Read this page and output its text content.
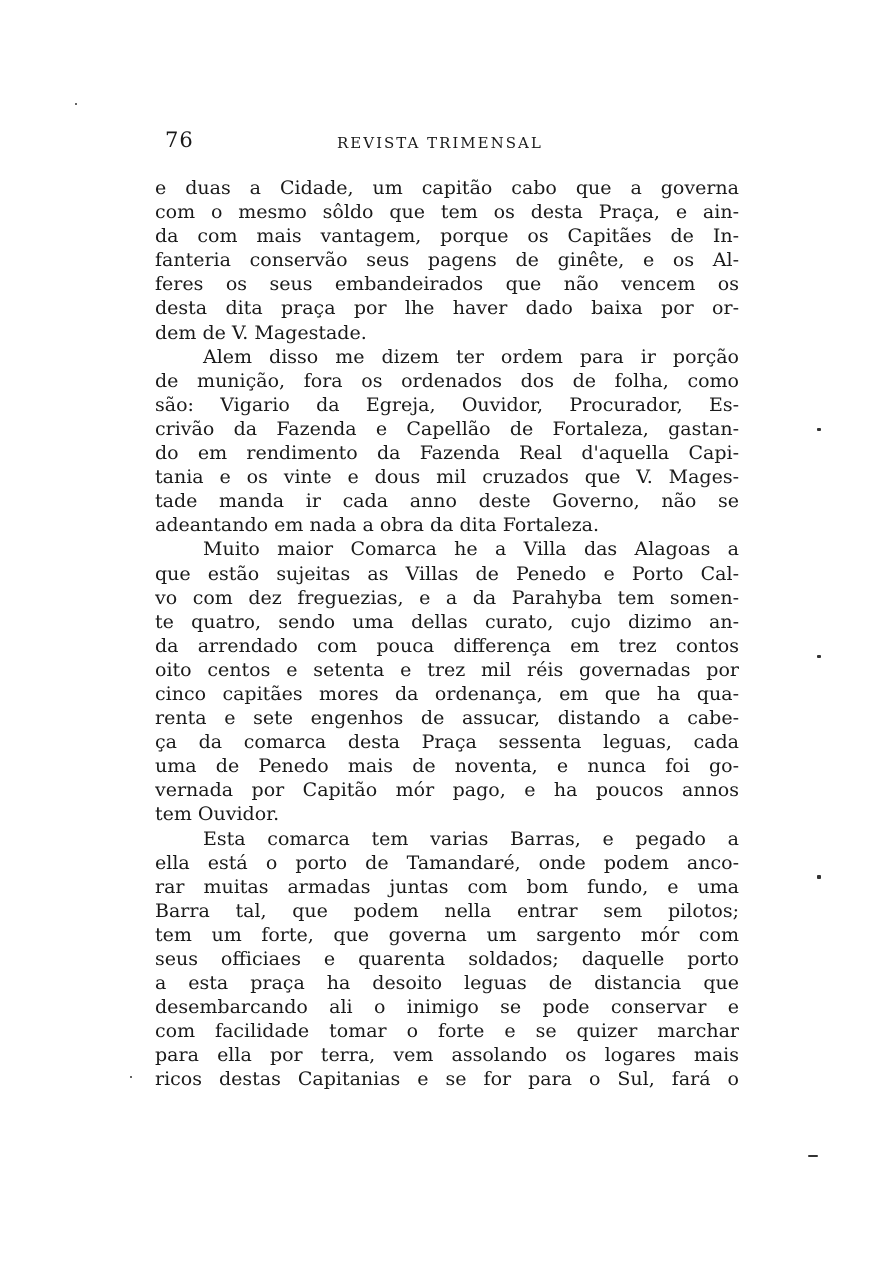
76	REVISTA TRIMENSAL
e duas a Cidade, um capitão cabo que a governa
com o mesmo sôldo que tem os desta Praça, e ain-
da com mais vantagem, porque os Capitães de In-
fanteria conservão seus pagens de ginête, e os Al-
feres os seus embandeirados que não vencem os
desta dita praça por lhe haver dado baixa por or-
dem de V. Magestade.
Alem disso me dizem ter ordem para ir porção
de munição, fora os ordenados dos de folha, como
são: Vigario da Egreja, Ouvidor, Procurador, Es-
crivão da Fazenda e Capellão de Fortaleza, gastan-
do em rendimento da Fazenda Real d'aquella Capi-
tania e os vinte e dous mil cruzados que V. Mages-
tade manda ir cada anno deste Governo, não se
adeantando em nada a obra da dita Fortaleza.
Muito maior Comarca he a Villa das Alagoas a
que estão sujeitas as Villas de Penedo e Porto Cal-
vo com dez freguezias, e a da Parahyba tem somen-
te quatro, sendo uma dellas curato, cujo dizimo an-
da arrendado com pouca differença em trez contos
oito centos e setenta e trez mil réis governadas por
cinco capitães mores da ordenança, em que ha qua-
renta e sete engenhos de assucar, distando a cabe-
ça da comarca desta Praça sessenta leguas, cada
uma de Penedo mais de noventa, e nunca foi go-
vernada por Capitão mór pago, e ha poucos annos
tem Ouvidor.
Esta comarca tem varias Barras, e pegado a
ella está o porto de Tamandaré, onde podem anco-
rar muitas armadas juntas com bom fundo, e uma
Barra tal, que podem nella entrar sem pilotos;
tem um forte, que governa um sargento mór com
seus officiaes e quarenta soldados; daquelle porto
a esta praça ha desoito leguas de distancia que
desembarcando ali o inimigo se pode conservar e
com facilidade tomar o forte e se quizer marchar
para ella por terra, vem assolando os logares mais
ricos destas Capitanias e se for para o Sul, fará o
